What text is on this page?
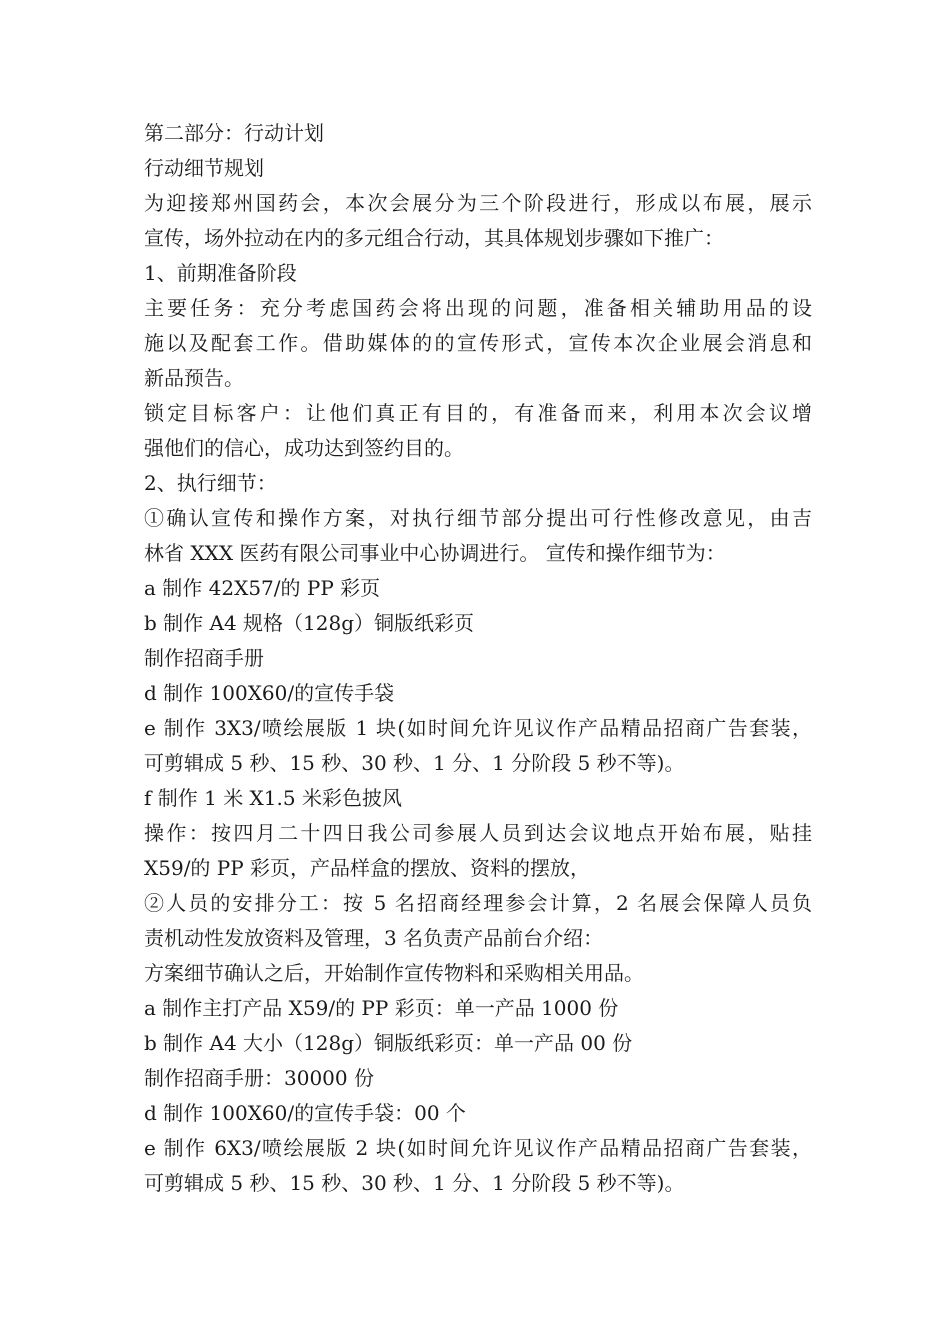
第二部分：行动计划
行动细节规划
为迎接郑州国药会，本次会展分为三个阶段进行，形成以布展，展示
宣传，场外拉动在内的多元组合行动，其具体规划步骤如下推广：
1、前期准备阶段
主要任务：充分考虑国药会将出现的问题，准备相关辅助用品的设
施以及配套工作。借助媒体的的宣传形式，宣传本次企业展会消息和
新品预告。
锁定目标客户：让他们真正有目的，有准备而来，利用本次会议增
强他们的信心，成功达到签约目的。
2、执行细节：
①确认宣传和操作方案，对执行细节部分提出可行性修改意见，由吉
林省 XXX 医药有限公司事业中心协调进行。 宣传和操作细节为：
a 制作 42X57/的 PP 彩页
b 制作 A4 规格（128g）铜版纸彩页
制作招商手册
d 制作 100X60/的宣传手袋
e 制作 3X3/喷绘展版 1 块(如时间允许见议作产品精品招商广告套装，
可剪辑成 5 秒、15 秒、30 秒、1 分、1 分阶段 5 秒不等)。
f 制作 1 米 X1.5 米彩色披风
操作：按四月二十四日我公司参展人员到达会议地点开始布展，贴挂
X59/的 PP 彩页，产品样盒的摆放、资料的摆放，
②人员的安排分工：按 5 名招商经理参会计算，2 名展会保障人员负
责机动性发放资料及管理，3 名负责产品前台介绍：
方案细节确认之后，开始制作宣传物料和采购相关用品。
a 制作主打产品 X59/的 PP 彩页：单一产品 1000 份
b 制作 A4 大小（128g）铜版纸彩页：单一产品 00 份
制作招商手册：30000 份
d 制作 100X60/的宣传手袋：00 个
e 制作 6X3/喷绘展版 2 块(如时间允许见议作产品精品招商广告套装，
可剪辑成 5 秒、15 秒、30 秒、1 分、1 分阶段 5 秒不等)。
